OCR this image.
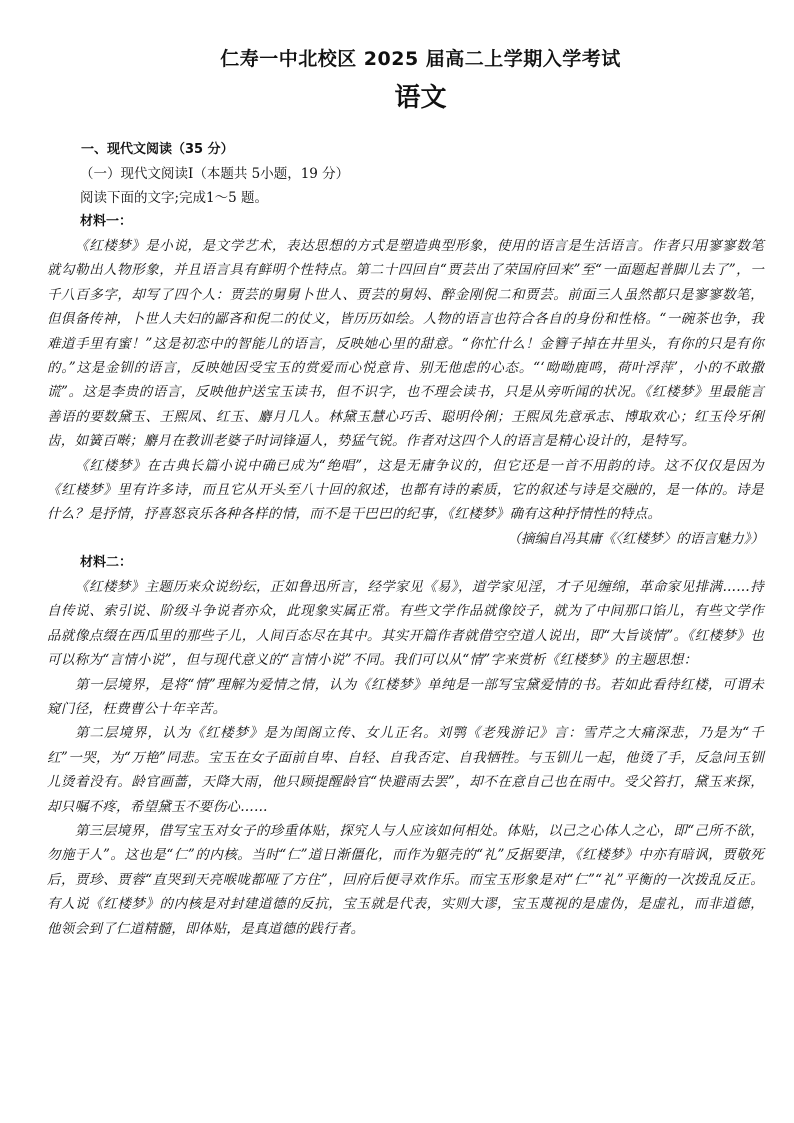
仁寿一中北校区 2025 届高二上学期入学考试
语文
一、现代文阅读（35 分）
（一）现代文阅读Ⅰ（本题共 5小题，19 分）
阅读下面的文字;完成1～5 题。
材料一：

《红楼梦》是小说，是文学艺术，表达思想的方式是塑造典型形象，使用的语言是生活语言。作者只用寥寥数笔就勾勒出人物形象，并且语言具有鲜明个性特点。第二十四回自“贾芸出了荣国府回来”至“一面题起普脚儿去了”，一千八百多字，却写了四个人：贾芸的舅舅卜世人、贾芸的舅妈、醉金刚倪二和贾芸。前面三人虽然都只是寥寥数笔，但俱备传神，卜世人夫妇的鄙吝和倪二的仗义，皆历历如绘。人物的语言也符合各自的身份和性格。“一碗茶也争，我难道手里有蜜！”这是初恋中的智能儿的语言，反映她心里的甜意。“你忙什么！金簪子掉在井里头，有你的只是有你的。”这是金钏的语言，反映她因受宝玉的赏爱而心悦意肯、别无他虑的心态。“‘呦呦鹿鸣，荷叶浮萍’，小的不敢撒谎”。这是李贵的语言，反映他护送宝玉读书，但不识字，也不理会读书，只是从旁听闻的状况。《红楼梦》里最能言善语的要数黛玉、王熙凤、红玉、麝月几人。林黛玉慧心巧舌、聪明伶俐；王熙凤先意承志、博取欢心；红玉伶牙俐齿，如簧百啭；麝月在教训老婆子时词锋逼人，势猛气锐。作者对这四个人的语言是精心设计的，是特写。

《红楼梦》在古典长篇小说中确已成为“绝唱”，这是无庸争议的，但它还是一首不用韵的诗。这不仅仅是因为《红楼梦》里有许多诗，而且它从开头至八十回的叙述，也都有诗的素质，它的叙述与诗是交融的，是一体的。诗是什么？是抒情，抒喜怒哀乐各种各样的情，而不是干巴巴的纪事，《红楼梦》确有这种抒情性的特点。

（摘编自冯其庸《〈红楼梦〉的语言魅力》）
材料二：

《红楼梦》主题历来众说纷纭，正如鲁迅所言，经学家见《易》，道学家见淫，才子见缠绵，革命家见排满……持自传说、索引说、阶级斗争说者亦众，此现象实属正常。有些文学作品就像饺子，就为了中间那口馅儿，有些文学作品就像点缀在西瓜里的那些子儿，人间百态尽在其中。其实开篇作者就借空空道人说出，即“大旨谈情”。《红楼梦》也可以称为“言情小说”，但与现代意义的“言情小说”不同。我们可以从“情”字来赏析《红楼梦》的主题思想：

第一层境界，是将“情”理解为爱情之情，认为《红楼梦》单纯是一部写宝黛爱情的书。若如此看待红楼，可谓未窥门径，枉费曹公十年辛苦。

第二层境界，认为《红楼梦》是为闺阁立传、女儿正名。刘鹗《老残游记》言：雪芹之大痛深悲，乃是为“千红”一哭，为“万艳”同悲。宝玉在女子面前自卑、自轻、自我否定、自我牺牲。与玉钏儿一起，他烫了手，反急问玉钏儿烫着没有。龄官画蔷，天降大雨，他只顾提醒龄官“快避雨去罢”，却不在意自己也在雨中。受父笞打，黛玉来探，却只嘱不疼，希望黛玉不要伤心……

第三层境界，借写宝玉对女子的珍重体贴，探究人与人应该如何相处。体贴，以己之心体人之心，即“己所不欲，勿施于人”。这也是“仁”的内核。当时“仁”道日渐僵化，而作为躯壳的“礼”反据要津，《红楼梦》中亦有暗讽，贾敬死后，贾珍、贾蓉“直哭到天亮喉咙都哑了方住”，回府后便寻欢作乐。而宝玉形象是对“仁”“礼”平衡的一次拨乱反正。有人说《红楼梦》的内核是对封建道德的反抗，宝玉就是代表，实则大谬，宝玉蔑视的是虚伪，是虚礼，而非道德，他领会到了仁道精髓，即体贴，是真道德的践行者。
